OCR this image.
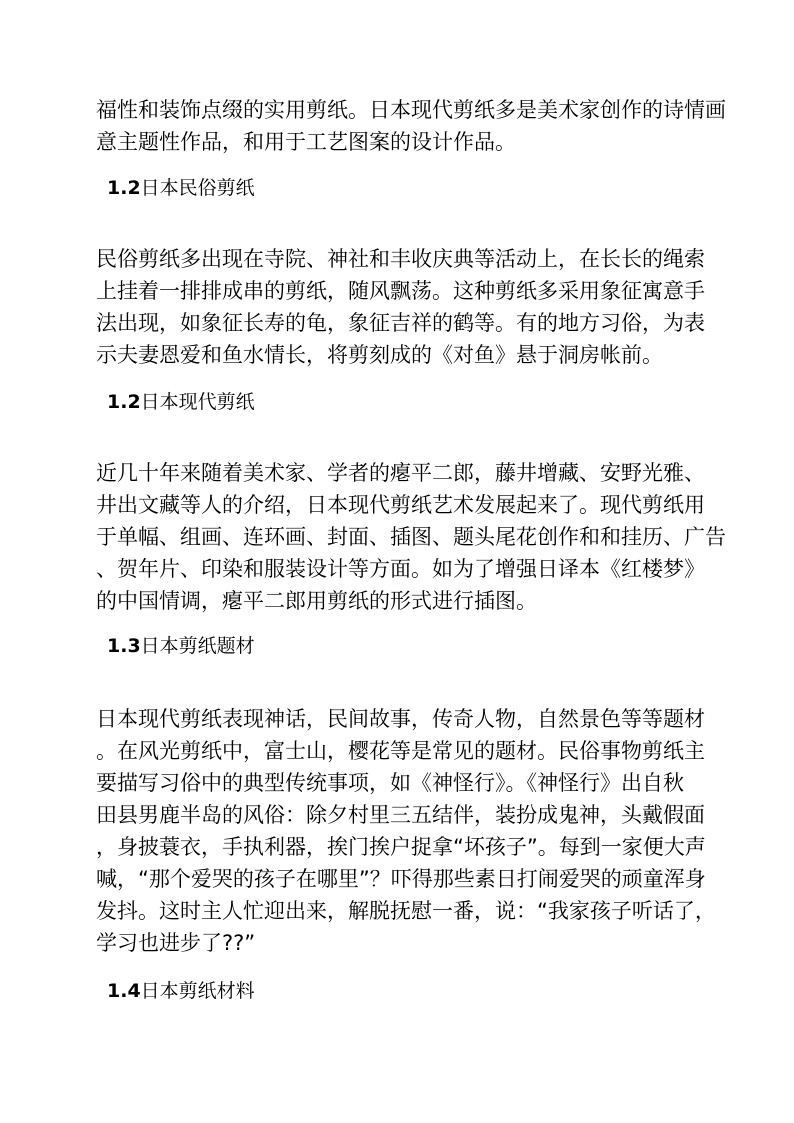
福性和装饰点缀的实用剪纸。日本现代剪纸多是美术家创作的诗情画
意主题性作品，和用于工艺图案的设计作品。

1.2日本民俗剪纸

民俗剪纸多出现在寺院、神社和丰收庆典等活动上，在长长的绳索
上挂着一排排成串的剪纸，随风飘荡。这种剪纸多采用象征寓意手
法出现，如象征长寿的龟，象征吉祥的鹤等。有的地方习俗，为表
示夫妻恩爱和鱼水情长，将剪刻成的《对鱼》悬于洞房帐前。

1.2日本现代剪纸

近几十年来随着美术家、学者的瘪平二郎，藤井增藏、安野光雅、
井出文藏等人的介绍，日本现代剪纸艺术发展起来了。现代剪纸用
于单幅、组画、连环画、封面、插图、题头尾花创作和和挂历、广告
、贺年片、印染和服装设计等方面。如为了增强日译本《红楼梦》
的中国情调，瘪平二郎用剪纸的形式进行插图。

1.3日本剪纸题材

日本现代剪纸表现神话，民间故事，传奇人物，自然景色等等题材
。在风光剪纸中，富士山，樱花等是常见的题材。民俗事物剪纸主
要描写习俗中的典型传统事项，如《神怪行》。《神怪行》出自秋
田县男鹿半岛的风俗：除夕村里三五结伴，装扮成鬼神，头戴假面
，身披蓑衣，手执利器，挨门挨户捉拿“坏孩子”。每到一家便大声
喊，“那个爱哭的孩子在哪里”？吓得那些素日打闹爱哭的顽童浑身
发抖。这时主人忙迎出来，解脱抚慰一番，说：“我家孩子听话了，
学习也进步了??”

1.4日本剪纸材料
